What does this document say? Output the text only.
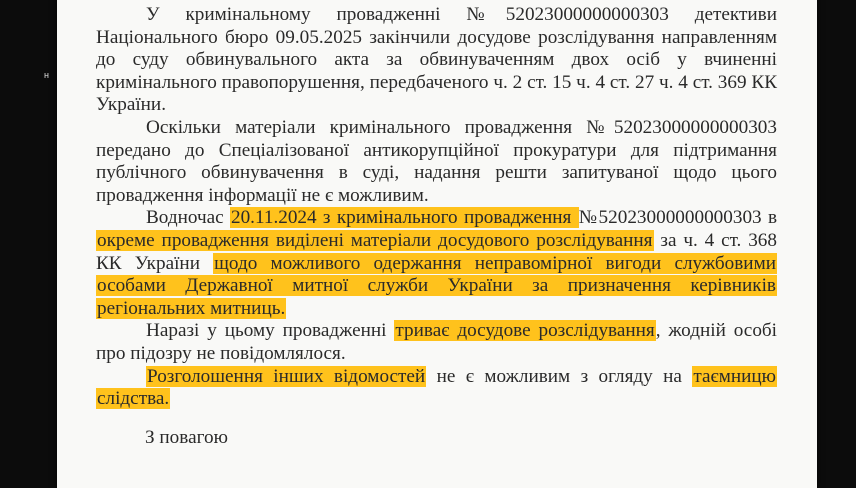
н

У кримінальному провадженні №52023000000000303 детективи Національного бюро 09.05.2025 закінчили досудове розслідування направленням до суду обвинувального акта за обвинуваченням двох осіб у вчиненні кримінального правопорушення, передбаченого ч. 2 ст. 15 ч. 4 ст. 27 ч. 4 ст. 369 КК України.

Оскільки матеріали кримінального провадження №52023000000000303 передано до Спеціалізованої антикорупційної прокуратури для підтримання публічного обвинувачення в суді, надання решти запитуваної щодо цього провадження інформації не є можливим.

Водночас 20.11.2024 з кримінального провадження №52023000000000303 в окреме провадження виділені матеріали досудового розслідування за ч. 4 ст. 368 КК України щодо можливого одержання неправомірної вигоди службовими особами Державної митної служби України за призначення керівників регіональних митниць.

Наразі у цьому провадженні триває досудове розслідування, жодній особі про підозру не повідомлялося.

Розголошення інших відомостей не є можливим з огляду на таємницю слідства.

З повагою
